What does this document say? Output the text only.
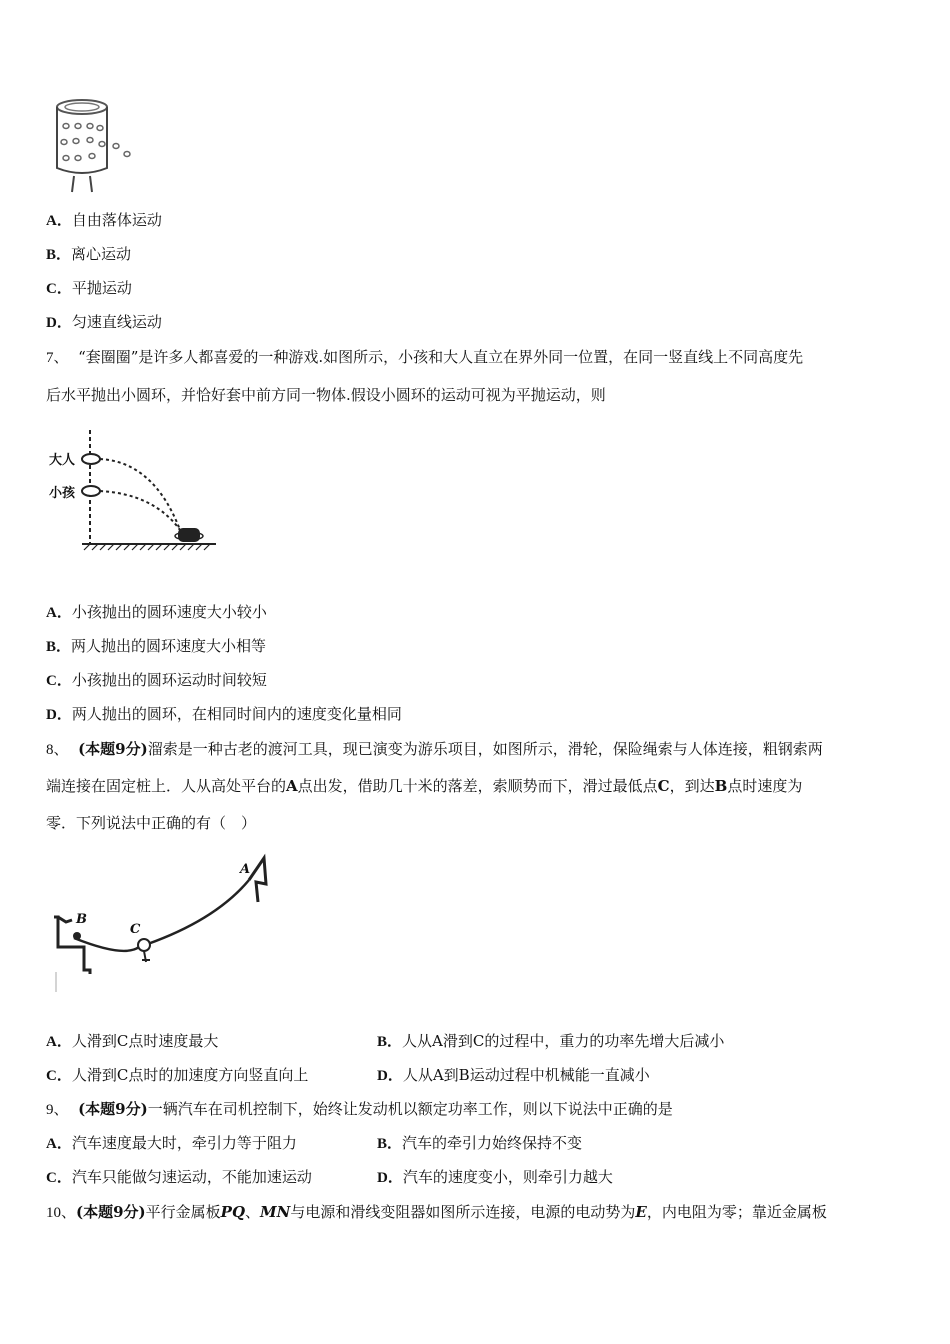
A．自由落体运动
B．离心运动
C．平抛运动
D．匀速直线运动
7、 “套圈圈”是许多人都喜爱的一种游戏.如图所示，小孩和大人直立在界外同一位置，在同一竖直线上不同高度先
后水平抛出小圆环，并恰好套中前方同一物体.假设小圆环的运动可视为平抛运动，则
大人
小孩
A．小孩抛出的圆环速度大小较小
B．两人抛出的圆环速度大小相等
C．小孩抛出的圆环运动时间较短
D．两人抛出的圆环，在相同时间内的速度变化量相同
8、 (本题9分)溜索是一种古老的渡河工具，现已演变为游乐项目，如图所示，滑轮，保险绳索与人体连接，粗钢索两
端连接在固定桩上．人从高处平台的A点出发，借助几十米的落差，索顺势而下，滑过最低点C，到达B点时速度为
零．下列说法中正确的有（　）
B
C
A
A．人滑到C点时速度最大	B．人从A滑到C的过程中，重力的功率先增大后减小
C．人滑到C点时的加速度方向竖直向上	D．人从A到B运动过程中机械能一直减小
9、 (本题9分)一辆汽车在司机控制下，始终让发动机以额定功率工作，则以下说法中正确的是
A．汽车速度最大时，牵引力等于阻力	B．汽车的牵引力始终保持不变
C．汽车只能做匀速运动，不能加速运动	D．汽车的速度变小，则牵引力越大
10、(本题9分)平行金属板PQ、MN与电源和滑线变阻器如图所示连接，电源的电动势为E，内电阻为零；靠近金属板
